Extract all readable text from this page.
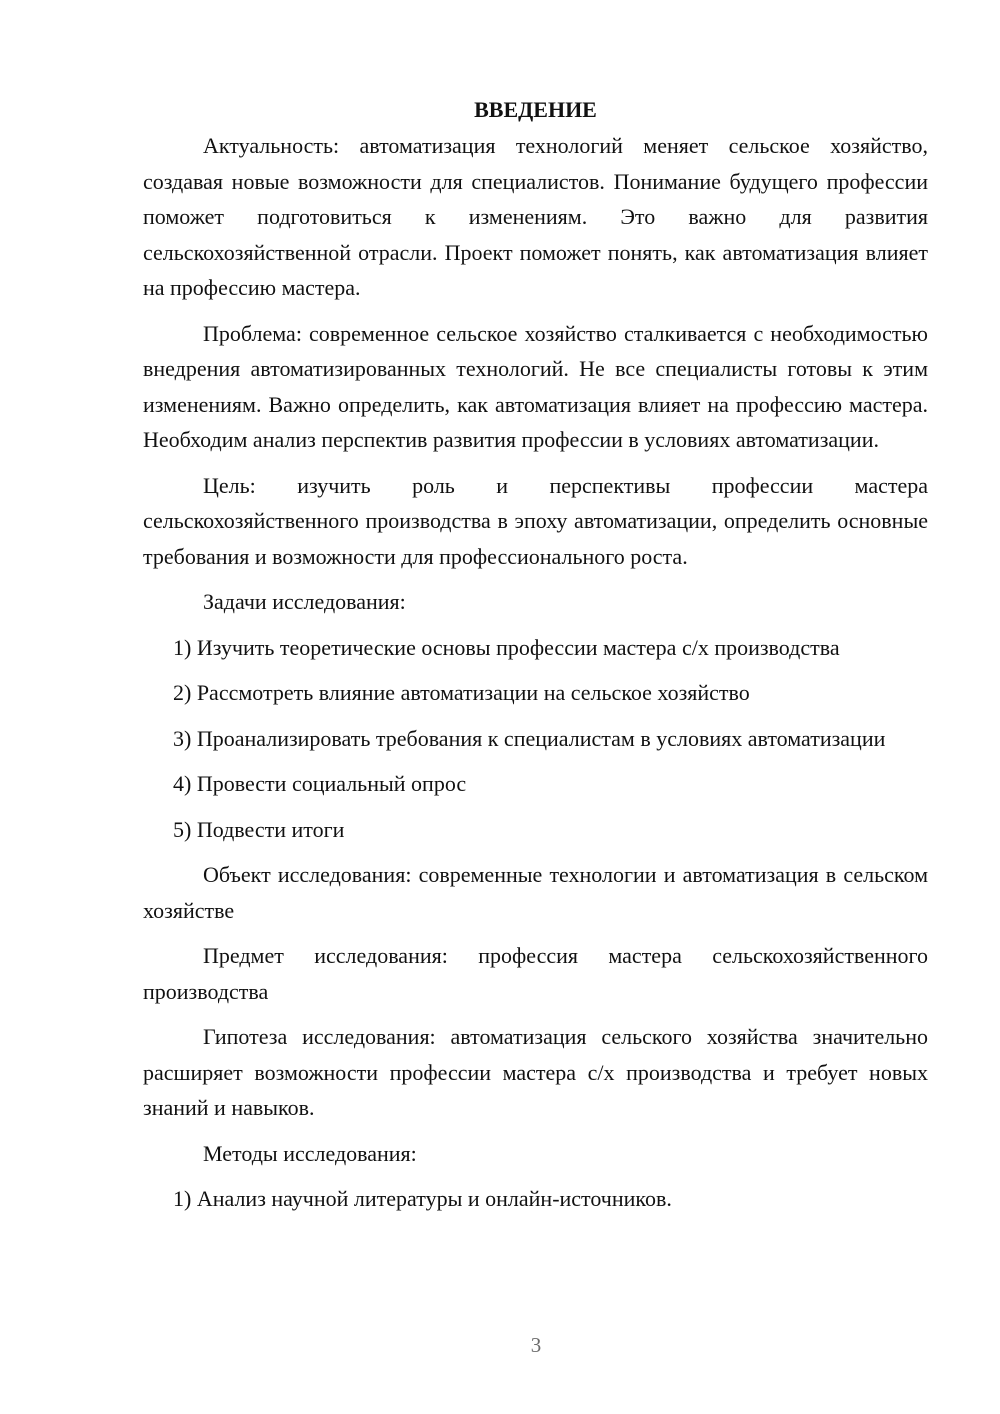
ВВЕДЕНИЕ

Актуальность: автоматизация технологий меняет сельское хозяйство, создавая новые возможности для специалистов. Понимание будущего профессии поможет подготовиться к изменениям. Это важно для развития сельскохозяйственной отрасли. Проект поможет понять, как автоматизация влияет на профессию мастера.

Проблема: современное сельское хозяйство сталкивается с необходимостью внедрения автоматизированных технологий. Не все специалисты готовы к этим изменениям. Важно определить, как автоматизация влияет на профессию мастера. Необходим анализ перспектив развития профессии в условиях автоматизации.

Цель: изучить роль и перспективы профессии мастера сельскохозяйственного производства в эпоху автоматизации, определить основные требования и возможности для профессионального роста.

Задачи исследования:

1) Изучить теоретические основы профессии мастера с/х производства

2) Рассмотреть влияние автоматизации на сельское хозяйство

3) Проанализировать требования к специалистам в условиях автоматизации

4) Провести социальный опрос

5) Подвести итоги

Объект исследования: современные технологии и автоматизация в сельском хозяйстве

Предмет исследования: профессия мастера сельскохозяйственного производства

Гипотеза исследования: автоматизация сельского хозяйства значительно расширяет возможности профессии мастера с/х производства и требует новых знаний и навыков.

Методы исследования:

1) Анализ научной литературы и онлайн-источников.

3
